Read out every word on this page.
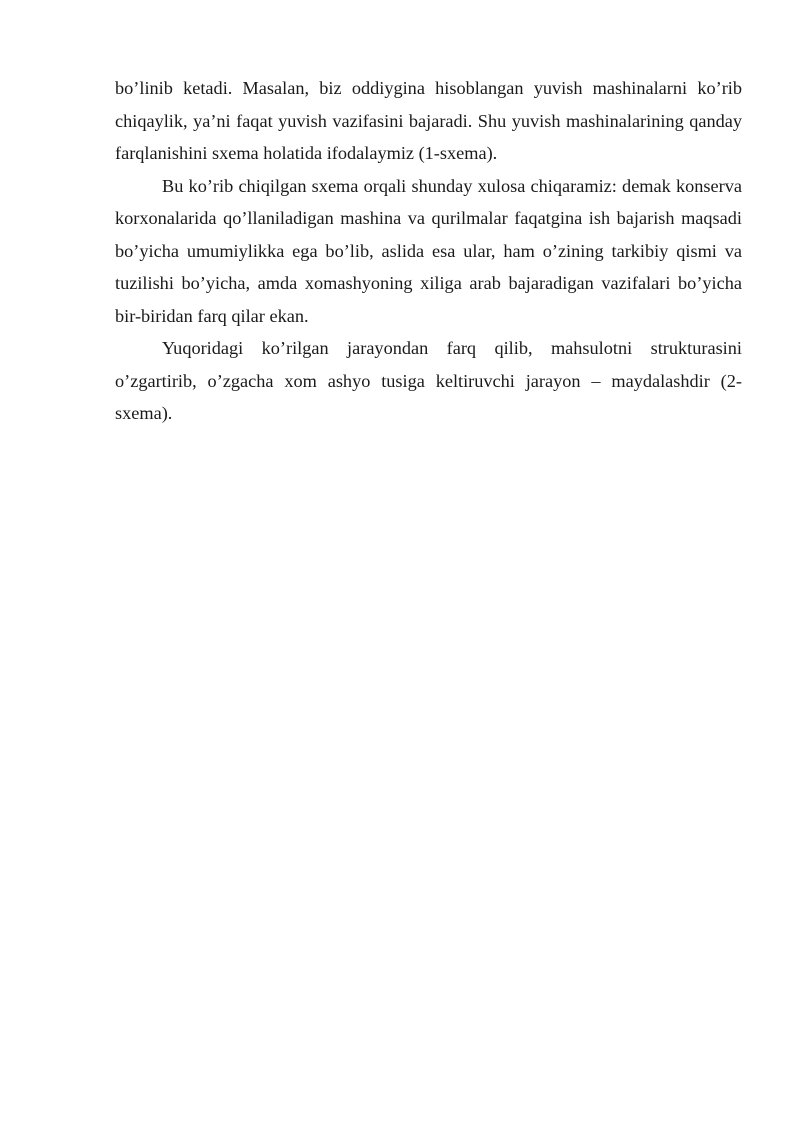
bo’linib ketadi. Masalan, biz oddiygina hisoblangan yuvish mashinalarni ko’rib chiqaylik, ya’ni faqat yuvish vazifasini bajaradi. Shu yuvish mashinalarining qanday farqlanishini sxema holatida ifodalaymiz (1-sxema).

Bu ko’rib chiqilgan sxema orqali shunday xulosa chiqaramiz: demak konserva korxonalarida qo’llaniladigan mashina va qurilmalar faqatgina ish bajarish maqsadi bo’yicha umumiylikka ega bo’lib, aslida esa ular, ham o’zining tarkibiy qismi va tuzilishi bo’yicha, amda xomashyoning xiliga arab bajaradigan vazifalari bo’yicha bir-biridan farq qilar ekan.

Yuqoridagi ko’rilgan jarayondan farq qilib, mahsulotni strukturasini o’zgartirib, o’zgacha xom ashyo tusiga keltiruvchi jarayon – maydalashdir (2-sxema).
